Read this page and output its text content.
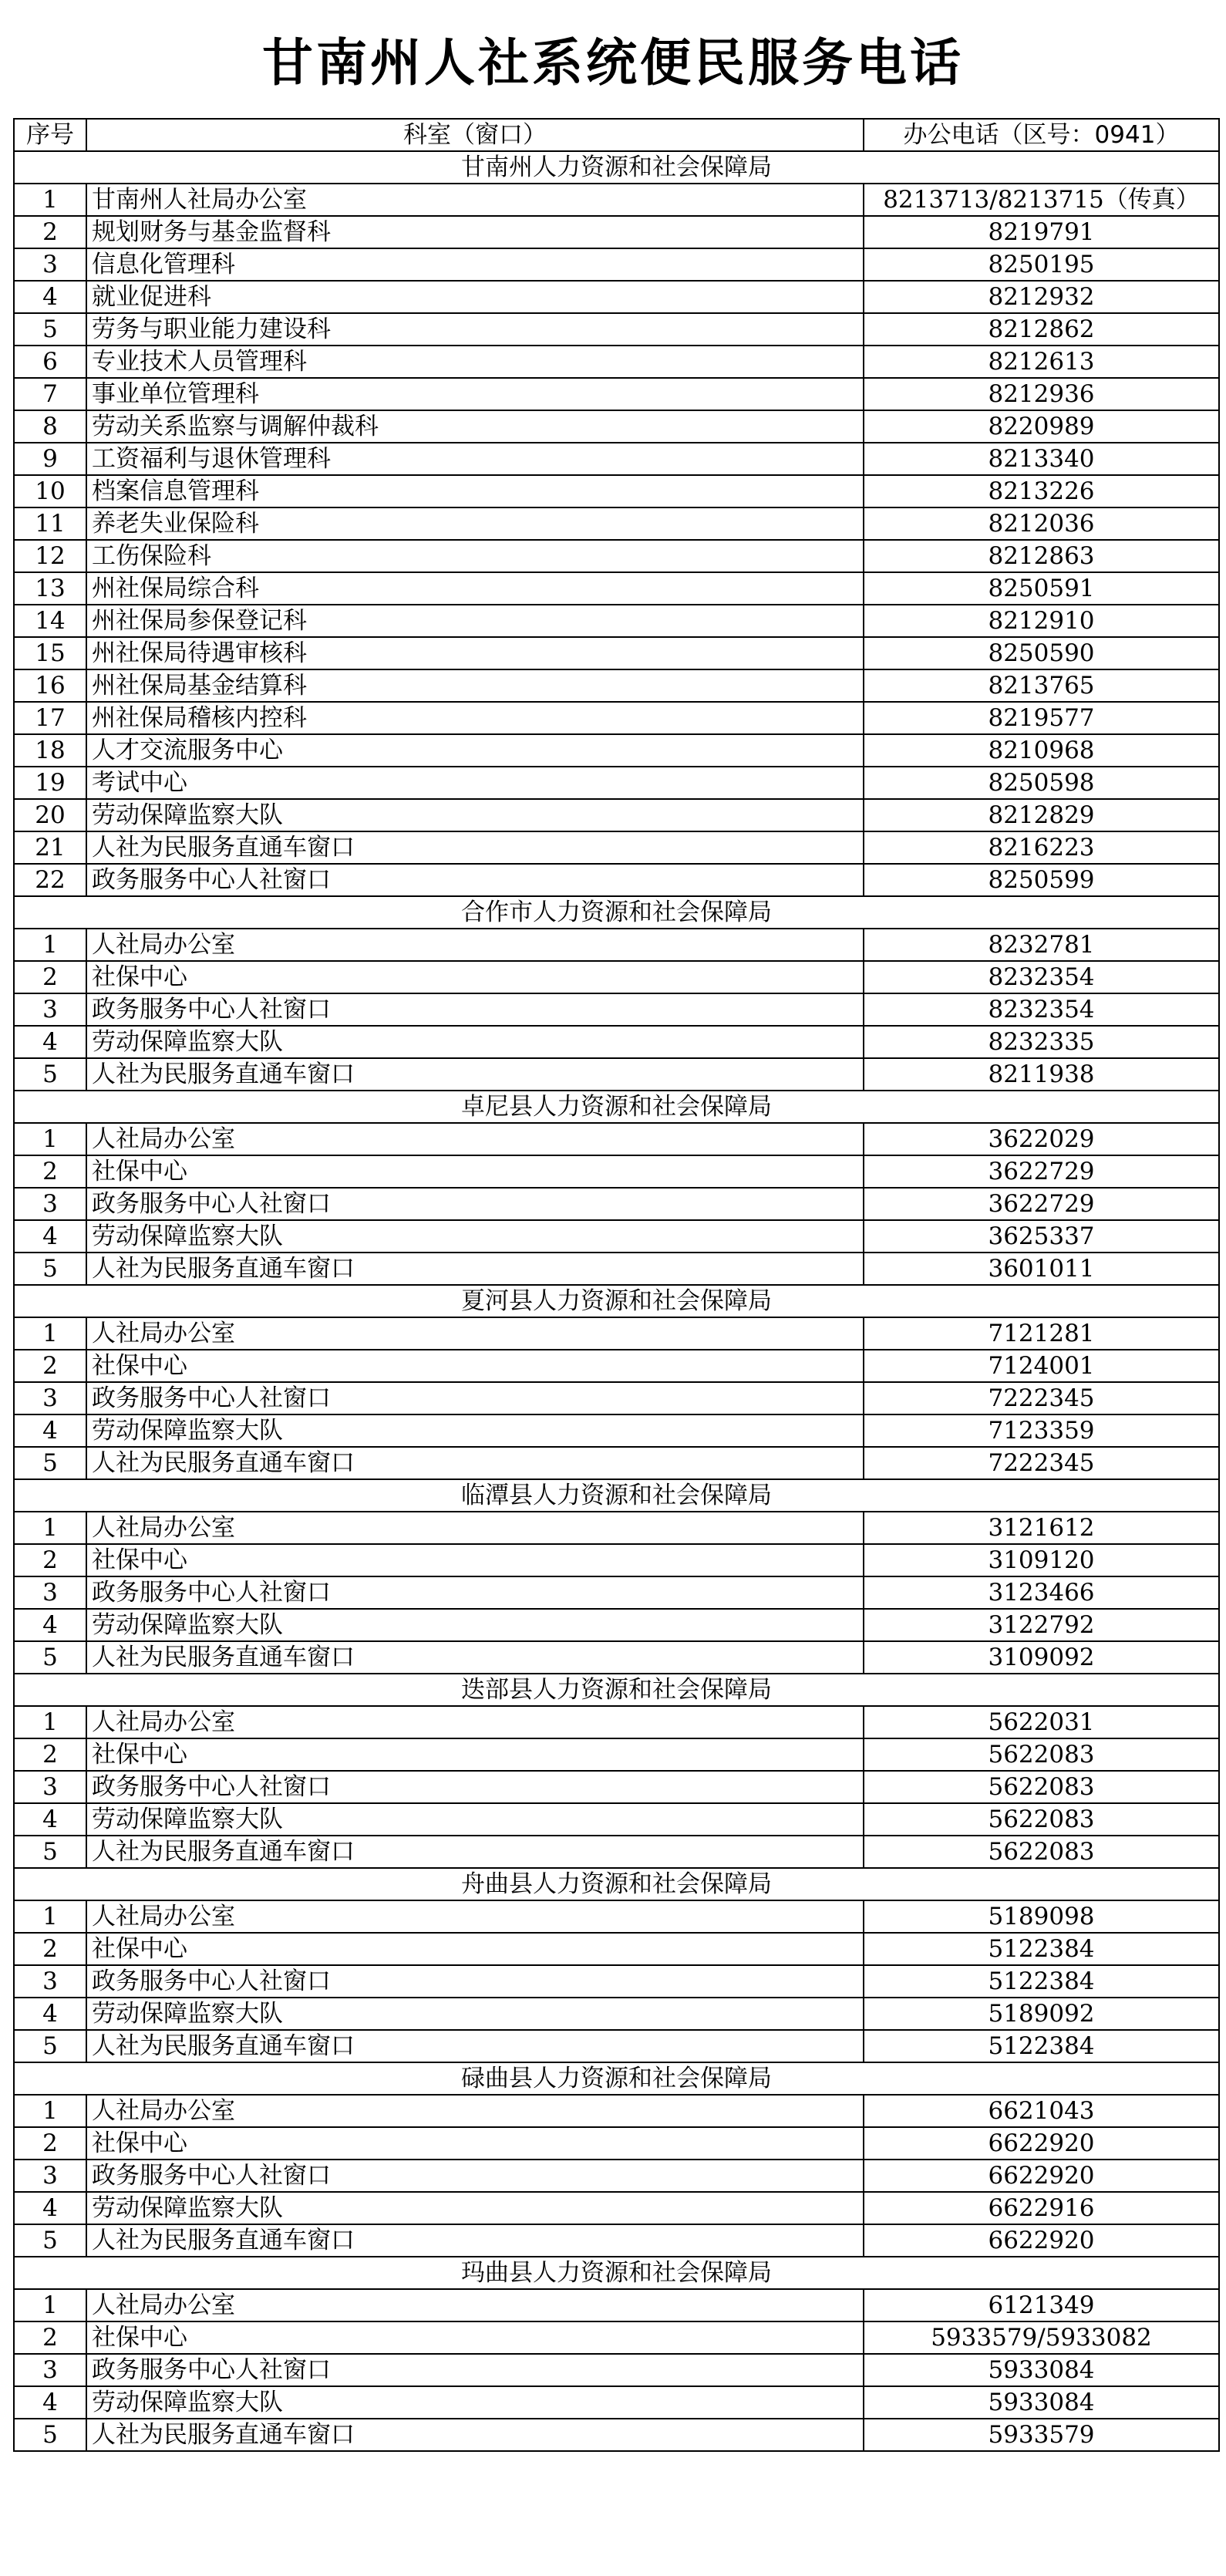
甘南州人社系统便民服务电话
序号	科室（窗口）	办公电话（区号：0941）
甘南州人力资源和社会保障局		
1	甘南州人社局办公室	8213713/8213715（传真）
2	规划财务与基金监督科	8219791
3	信息化管理科	8250195
4	就业促进科	8212932
5	劳务与职业能力建设科	8212862
6	专业技术人员管理科	8212613
7	事业单位管理科	8212936
8	劳动关系监察与调解仲裁科	8220989
9	工资福利与退休管理科	8213340
10	档案信息管理科	8213226
11	养老失业保险科	8212036
12	工伤保险科	8212863
13	州社保局综合科	8250591
14	州社保局参保登记科	8212910
15	州社保局待遇审核科	8250590
16	州社保局基金结算科	8213765
17	州社保局稽核内控科	8219577
18	人才交流服务中心	8210968
19	考试中心	8250598
20	劳动保障监察大队	8212829
21	人社为民服务直通车窗口	8216223
22	政务服务中心人社窗口	8250599
合作市人力资源和社会保障局		
1	人社局办公室	8232781
2	社保中心	8232354
3	政务服务中心人社窗口	8232354
4	劳动保障监察大队	8232335
5	人社为民服务直通车窗口	8211938
卓尼县人力资源和社会保障局		
1	人社局办公室	3622029
2	社保中心	3622729
3	政务服务中心人社窗口	3622729
4	劳动保障监察大队	3625337
5	人社为民服务直通车窗口	3601011
夏河县人力资源和社会保障局		
1	人社局办公室	7121281
2	社保中心	7124001
3	政务服务中心人社窗口	7222345
4	劳动保障监察大队	7123359
5	人社为民服务直通车窗口	7222345
临潭县人力资源和社会保障局		
1	人社局办公室	3121612
2	社保中心	3109120
3	政务服务中心人社窗口	3123466
4	劳动保障监察大队	3122792
5	人社为民服务直通车窗口	3109092
迭部县人力资源和社会保障局		
1	人社局办公室	5622031
2	社保中心	5622083
3	政务服务中心人社窗口	5622083
4	劳动保障监察大队	5622083
5	人社为民服务直通车窗口	5622083
舟曲县人力资源和社会保障局		
1	人社局办公室	5189098
2	社保中心	5122384
3	政务服务中心人社窗口	5122384
4	劳动保障监察大队	5189092
5	人社为民服务直通车窗口	5122384
碌曲县人力资源和社会保障局		
1	人社局办公室	6621043
2	社保中心	6622920
3	政务服务中心人社窗口	6622920
4	劳动保障监察大队	6622916
5	人社为民服务直通车窗口	6622920
玛曲县人力资源和社会保障局		
1	人社局办公室	6121349
2	社保中心	5933579/5933082
3	政务服务中心人社窗口	5933084
4	劳动保障监察大队	5933084
5	人社为民服务直通车窗口	5933579
